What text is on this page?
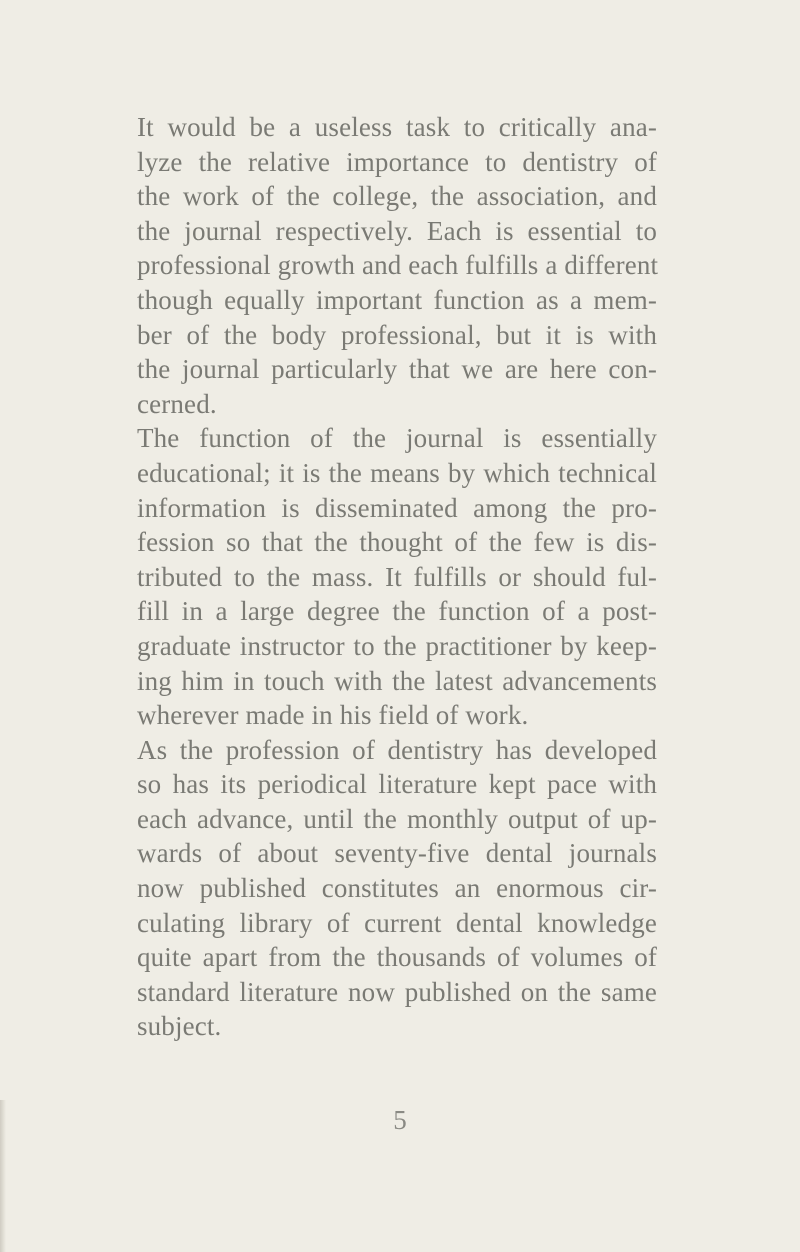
It would be a useless task to critically ana-
lyze the relative importance to dentistry of
the work of the college, the association, and
the journal respectively. Each is essential to
professional growth and each fulfills a different
though equally important function as a mem-
ber of the body professional, but it is with
the journal particularly that we are here con-
cerned.
The function of the journal is essentially
educational; it is the means by which technical
information is disseminated among the pro-
fession so that the thought of the few is dis-
tributed to the mass. It fulfills or should ful-
fill in a large degree the function of a post-
graduate instructor to the practitioner by keep-
ing him in touch with the latest advancements
wherever made in his field of work.
As the profession of dentistry has developed
so has its periodical literature kept pace with
each advance, until the monthly output of up-
wards of about seventy-five dental journals
now published constitutes an enormous cir-
culating library of current dental knowledge
quite apart from the thousands of volumes of
standard literature now published on the same
subject.
5
